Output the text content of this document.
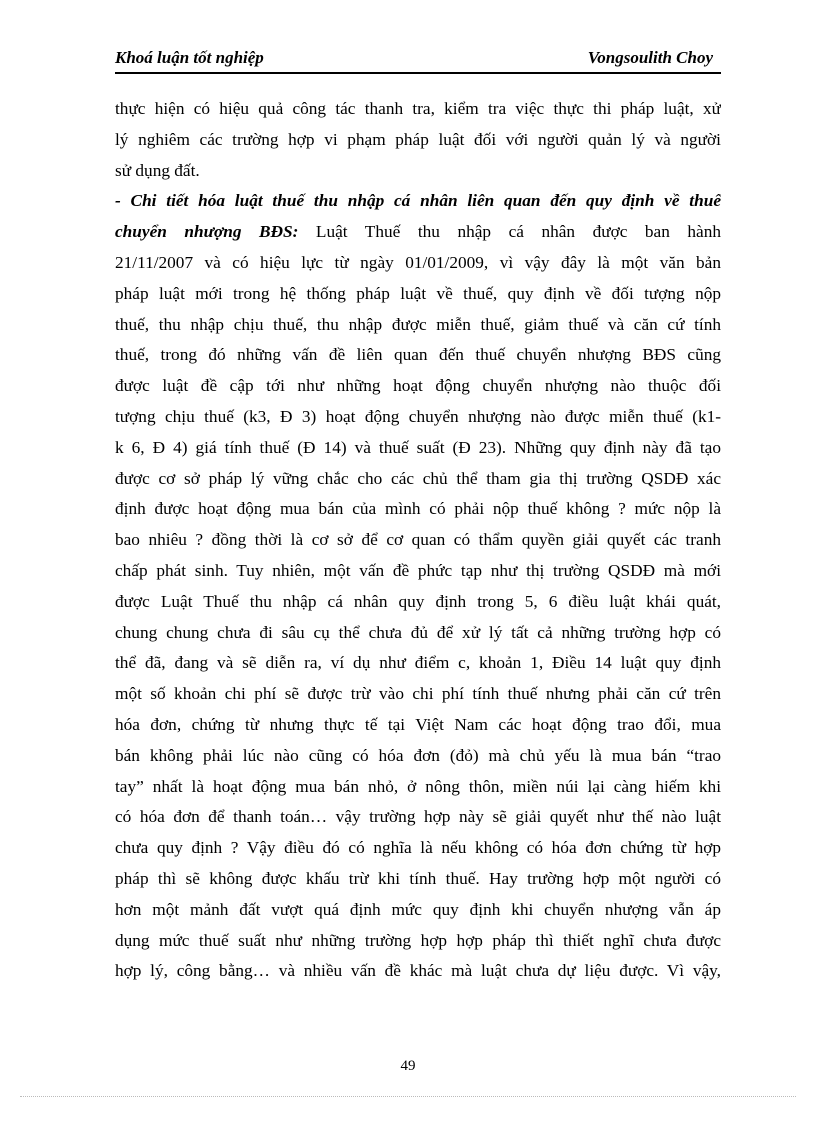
Khoá luận tốt nghiệp	Vongsoulith Choy
thực hiện có hiệu quả công tác thanh tra, kiểm tra việc thực thi pháp luật, xử
lý nghiêm các trường hợp vi phạm pháp luật đối với người quản lý và người
sử dụng đất.
- Chi tiết hóa luật thuế thu nhập cá nhân liên quan đến quy định về thuế
chuyển nhượng BĐS: Luật Thuế thu nhập cá nhân được ban hành
21/11/2007 và có hiệu lực từ ngày 01/01/2009, vì vậy đây là một văn bản
pháp luật mới trong hệ thống pháp luật về thuế, quy định về đối tượng nộp
thuế, thu nhập chịu thuế, thu nhập được miễn thuế, giảm thuế và căn cứ tính
thuế, trong đó những vấn đề liên quan đến thuế chuyển nhượng BĐS cũng
được luật đề cập tới như những hoạt động chuyển nhượng nào thuộc đối
tượng chịu thuế (k3, Đ 3) hoạt động chuyển nhượng nào được miễn thuế (k1-
k 6, Đ 4) giá tính thuế (Đ 14) và thuế suất (Đ 23). Những quy định này đã tạo
được cơ sở pháp lý vững chắc cho các chủ thể tham gia thị trường QSDĐ xác
định được hoạt động mua bán của mình có phải nộp thuế không ? mức nộp là
bao nhiêu ? đồng thời là cơ sở để cơ quan có thẩm quyền giải quyết các tranh
chấp phát sinh. Tuy nhiên, một vấn đề phức tạp như thị trường QSDĐ mà mới
được Luật Thuế thu nhập cá nhân quy định trong 5, 6 điều luật khái quát,
chung chung chưa đi sâu cụ thể chưa đủ để xử lý tất cả những trường hợp có
thể đã, đang và sẽ diễn ra, ví dụ như điểm c, khoản 1, Điều 14 luật quy định
một số khoản chi phí sẽ được trừ vào chi phí tính thuế nhưng phải căn cứ trên
hóa đơn, chứng từ nhưng thực tế tại Việt Nam các hoạt động trao đổi, mua
bán không phải lúc nào cũng có hóa đơn (đỏ) mà chủ yếu là mua bán “trao
tay” nhất là hoạt động mua bán nhỏ, ở nông thôn, miền núi lại càng hiếm khi
có hóa đơn để thanh toán… vậy trường hợp này sẽ giải quyết như thế nào luật
chưa quy định ? Vậy điều đó có nghĩa là nếu không có hóa đơn chứng từ hợp
pháp thì sẽ không được khấu trừ khi tính thuế. Hay trường hợp một người có
hơn một mảnh đất vượt quá định mức quy định khi chuyển nhượng vẫn áp
dụng mức thuế suất như những trường hợp hợp pháp thì thiết nghĩ chưa được
hợp lý, công bằng… và nhiều vấn đề khác mà luật chưa dự liệu được. Vì vậy,
49
